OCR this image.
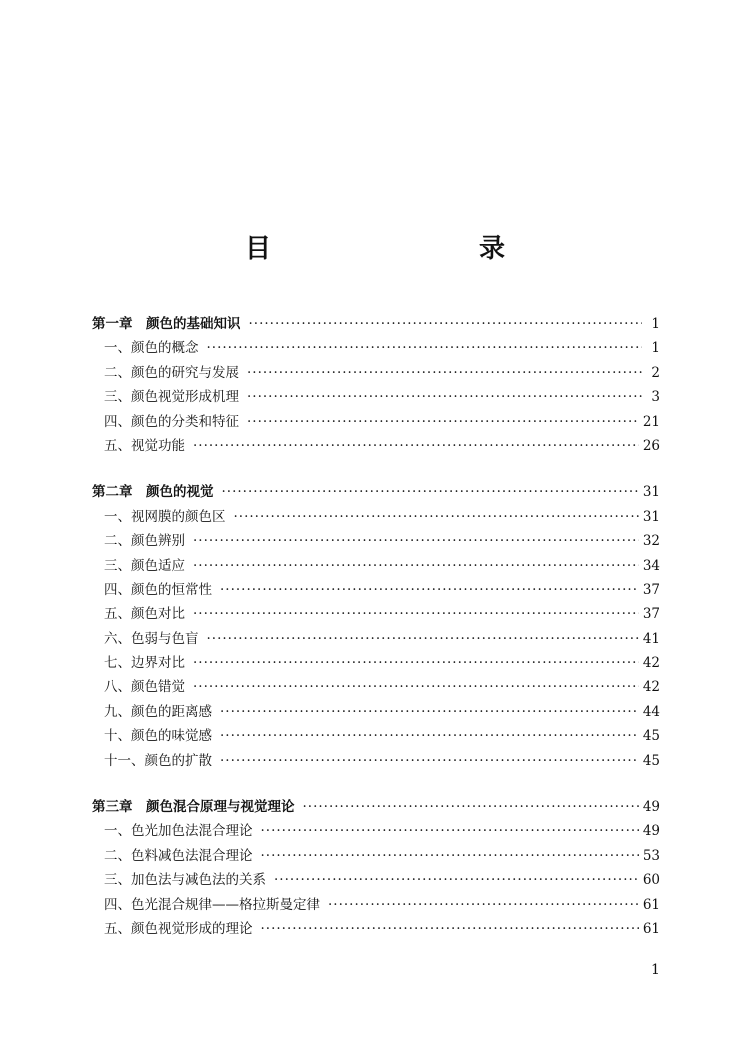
目　　录
第一章　颜色的基础知识 ·····	1
一、颜色的概念 ·····	1
二、颜色的研究与发展 ·····	2
三、颜色视觉形成机理 ·····	3
四、颜色的分类和特征 ·····	21
五、视觉功能 ·····	26
第二章　颜色的视觉 ·····	31
一、视网膜的颜色区 ·····	31
二、颜色辨别 ·····	32
三、颜色适应 ·····	34
四、颜色的恒常性 ·····	37
五、颜色对比 ·····	37
六、色弱与色盲 ·····	41
七、边界对比 ·····	42
八、颜色错觉 ·····	42
九、颜色的距离感 ·····	44
十、颜色的味觉感 ·····	45
十一、颜色的扩散 ·····	45
第三章　颜色混合原理与视觉理论 ·····	49
一、色光加色法混合理论 ·····	49
二、色料减色法混合理论 ·····	53
三、加色法与减色法的关系 ·····	60
四、色光混合规律——格拉斯曼定律 ·····	61
五、颜色视觉形成的理论 ·····	61
1
